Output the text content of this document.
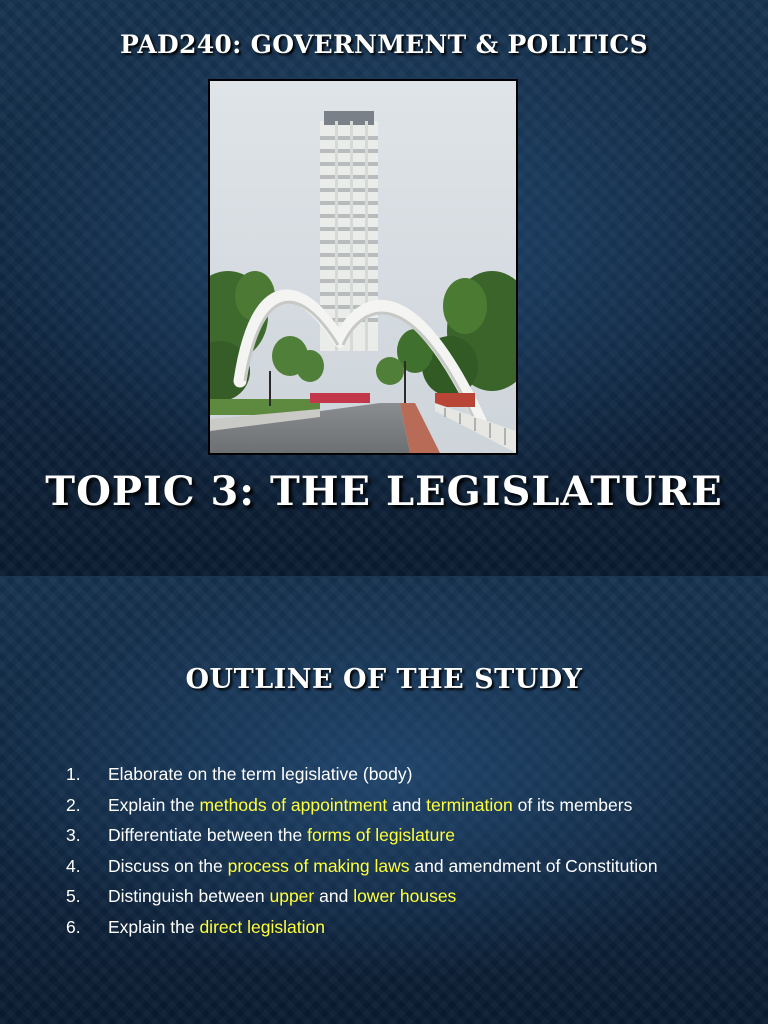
PAD240: GOVERNMENT & POLITICS
TOPIC 3: THE LEGISLATURE
OUTLINE OF THE STUDY
1. Elaborate on the term legislative (body)
2. Explain the methods of appointment and termination of its members
3. Differentiate between the forms of legislature
4. Discuss on the process of making laws and amendment of Constitution
5. Distinguish between upper and lower houses
6. Explain the direct legislation
